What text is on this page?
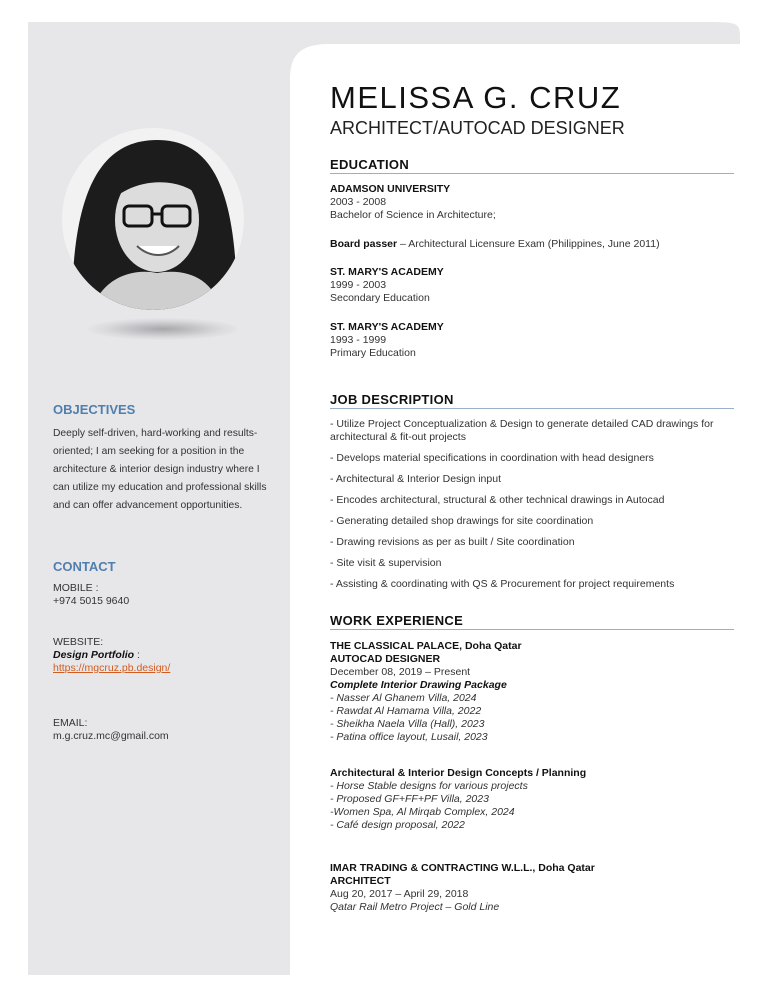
MELISSA G. CRUZ
ARCHITECT/AUTOCAD DESIGNER
EDUCATION
ADAMSON UNIVERSITY
2003 - 2008
Bachelor of Science in Architecture;
Board passer – Architectural Licensure Exam (Philippines, June 2011)
ST. MARY'S ACADEMY
1999 - 2003
Secondary Education
ST. MARY'S ACADEMY
1993 - 1999
Primary Education
JOB DESCRIPTION
- Utilize Project Conceptualization & Design to generate detailed CAD drawings for architectural & fit-out projects
- Develops material specifications in coordination with head designers
- Architectural & Interior Design input
- Encodes architectural, structural & other technical drawings in Autocad
- Generating detailed shop drawings for site coordination
- Drawing revisions as per as built / Site coordination
- Site visit & supervision
- Assisting & coordinating with QS & Procurement for project requirements
WORK EXPERIENCE
THE CLASSICAL PALACE, Doha Qatar
AUTOCAD DESIGNER
December 08, 2019 – Present
Complete Interior Drawing Package
- Nasser Al Ghanem Villa, 2024
- Rawdat Al Hamama Villa, 2022
- Sheikha Naela Villa (Hall), 2023
- Patina office layout, Lusail, 2023
Architectural & Interior Design Concepts / Planning
- Horse Stable designs for various projects
- Proposed GF+FF+PF Villa, 2023
-Women Spa, Al Mirqab Complex, 2024
- Café design proposal, 2022
IMAR TRADING & CONTRACTING W.L.L., Doha Qatar
ARCHITECT
Aug 20, 2017 – April 29, 2018
Qatar Rail Metro Project – Gold Line
OBJECTIVES
Deeply self-driven, hard-working and results-oriented; I am seeking for a position in the architecture & interior design industry where I can utilize my education and professional skills and can offer advancement opportunities.
CONTACT
MOBILE :
+974 5015 9640
WEBSITE:
Design Portfolio :
https://mgcruz.pb.design/
EMAIL:
m.g.cruz.mc@gmail.com
